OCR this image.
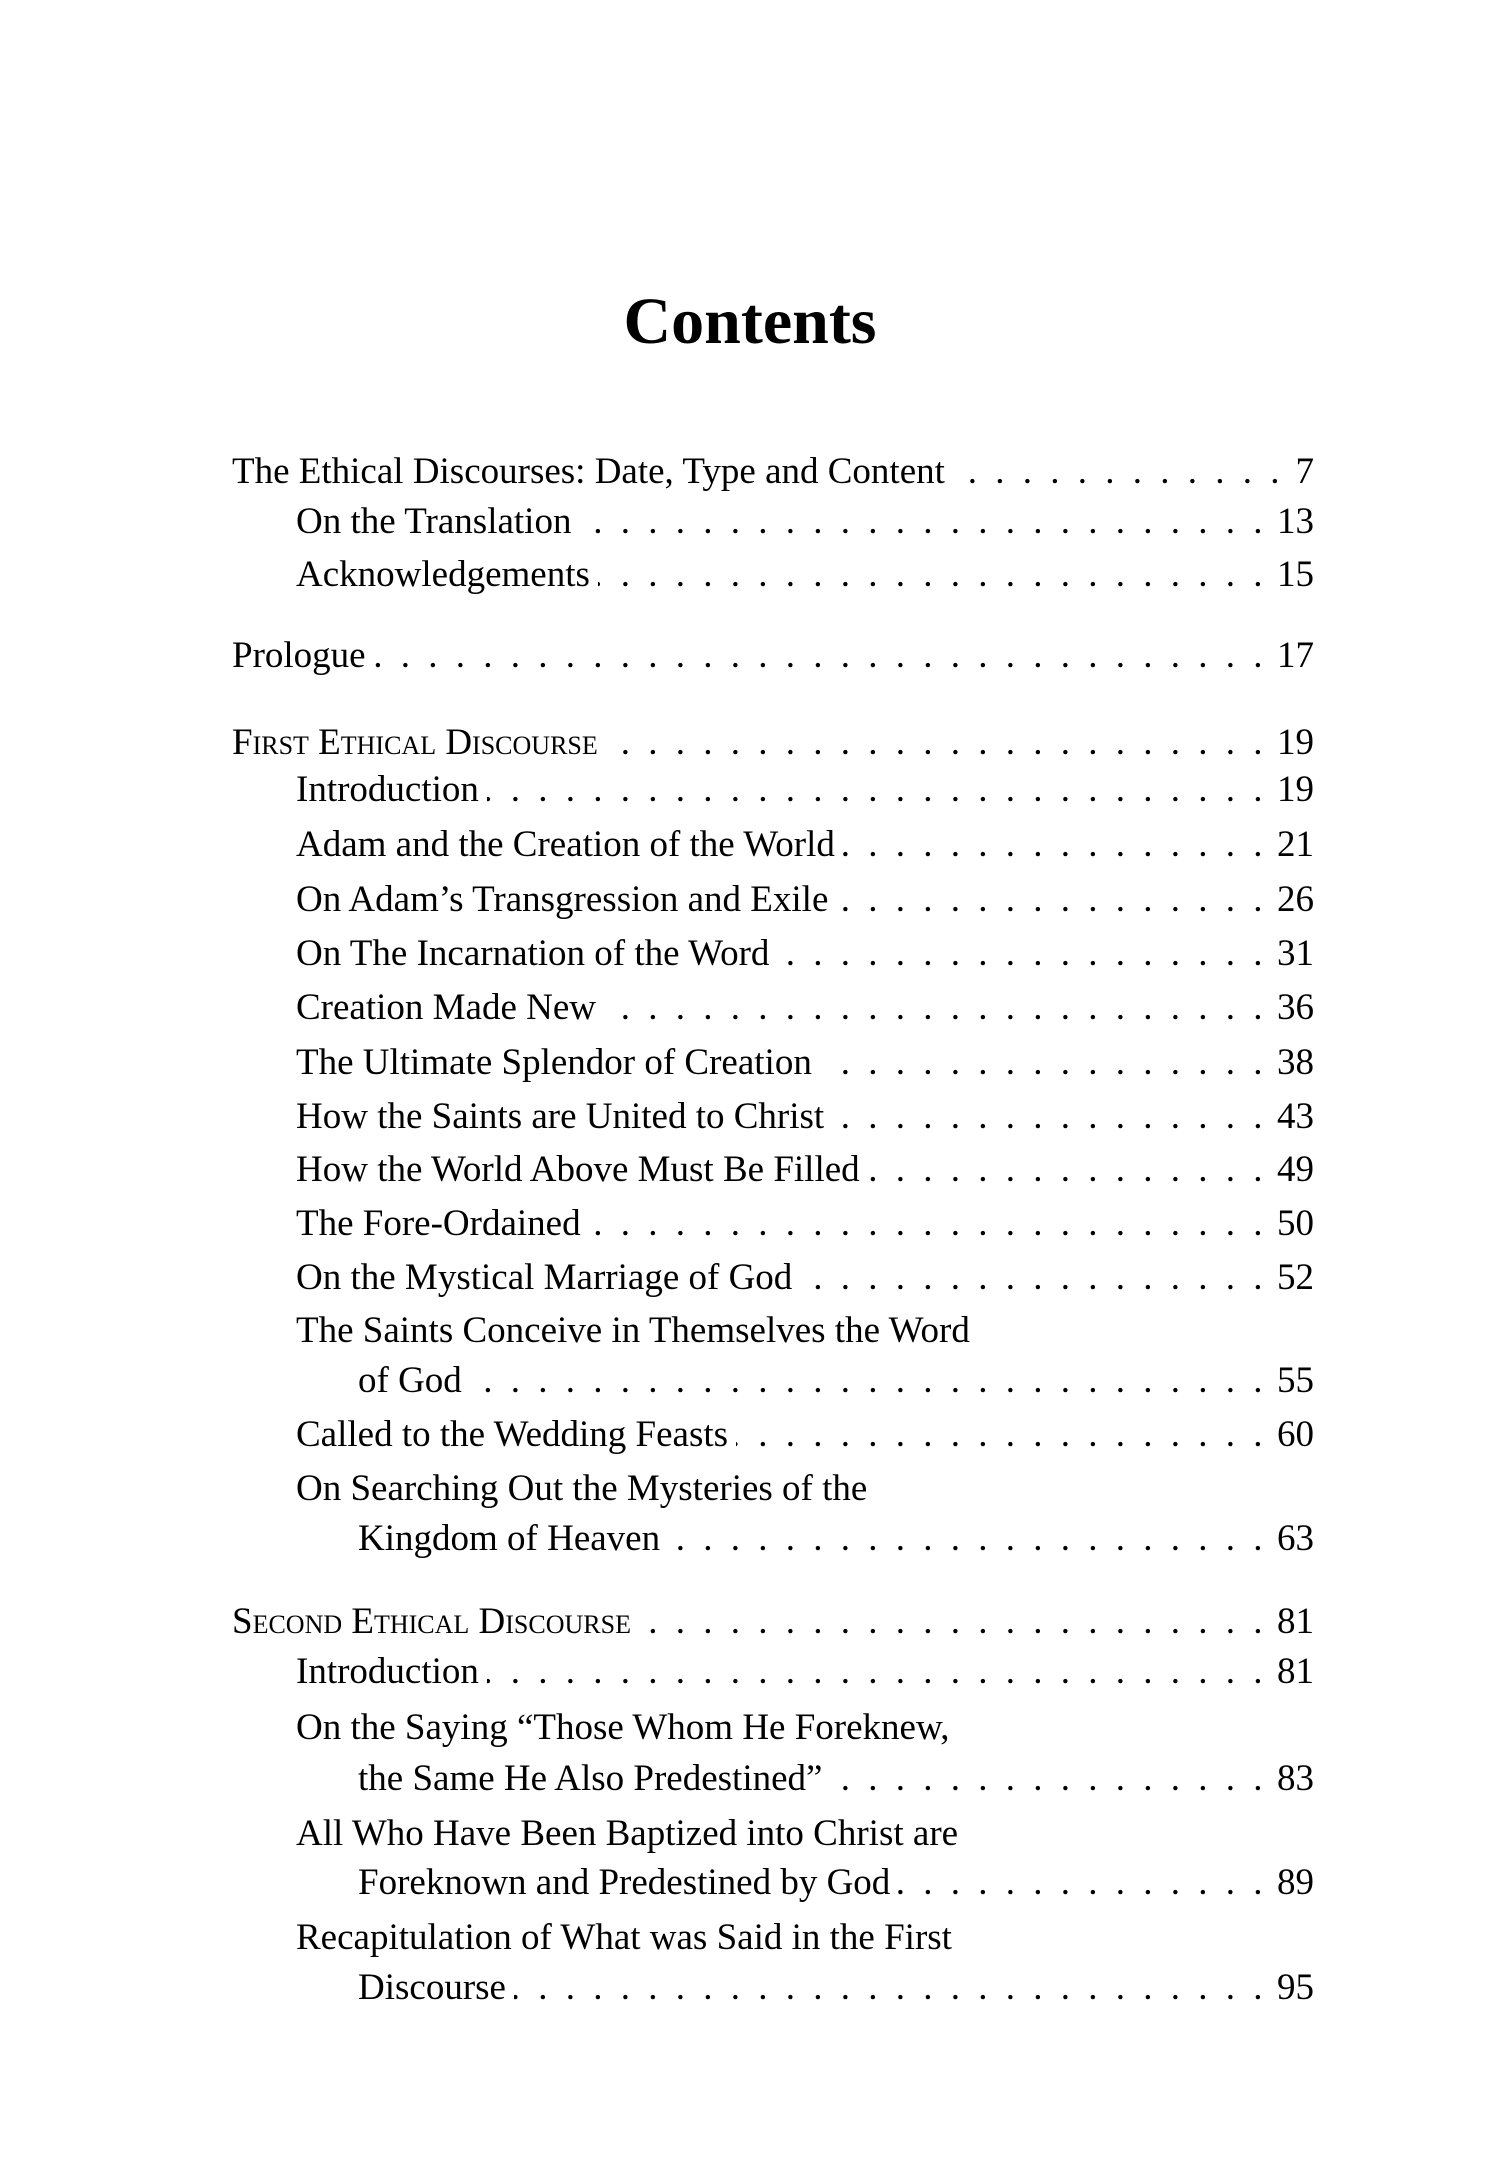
Contents
The Ethical Discourses: Date, Type and Content . . .	7
On the Translation . . .	13
Acknowledgements . . .	15
Prologue . . .	17
First Ethical Discourse . . .	19
Introduction . . .	19
Adam and the Creation of the World . . .	21
On Adam’s Transgression and Exile . . .	26
On The Incarnation of the Word . . .	31
Creation Made New . . .	36
The Ultimate Splendor of Creation . . .	38
How the Saints are United to Christ . . .	43
How the World Above Must Be Filled . . .	49
The Fore-Ordained . . .	50
On the Mystical Marriage of God . . .	52
The Saints Conceive in Themselves the Word
of God . . .	55
Called to the Wedding Feasts . . .	60
On Searching Out the Mysteries of the
Kingdom of Heaven . . .	63
Second Ethical Discourse . . .	81
Introduction . . .	81
On the Saying “Those Whom He Foreknew,
the Same He Also Predestined” . . .	83
All Who Have Been Baptized into Christ are
Foreknown and Predestined by God . . .	89
Recapitulation of What was Said in the First
Discourse . . .	95
